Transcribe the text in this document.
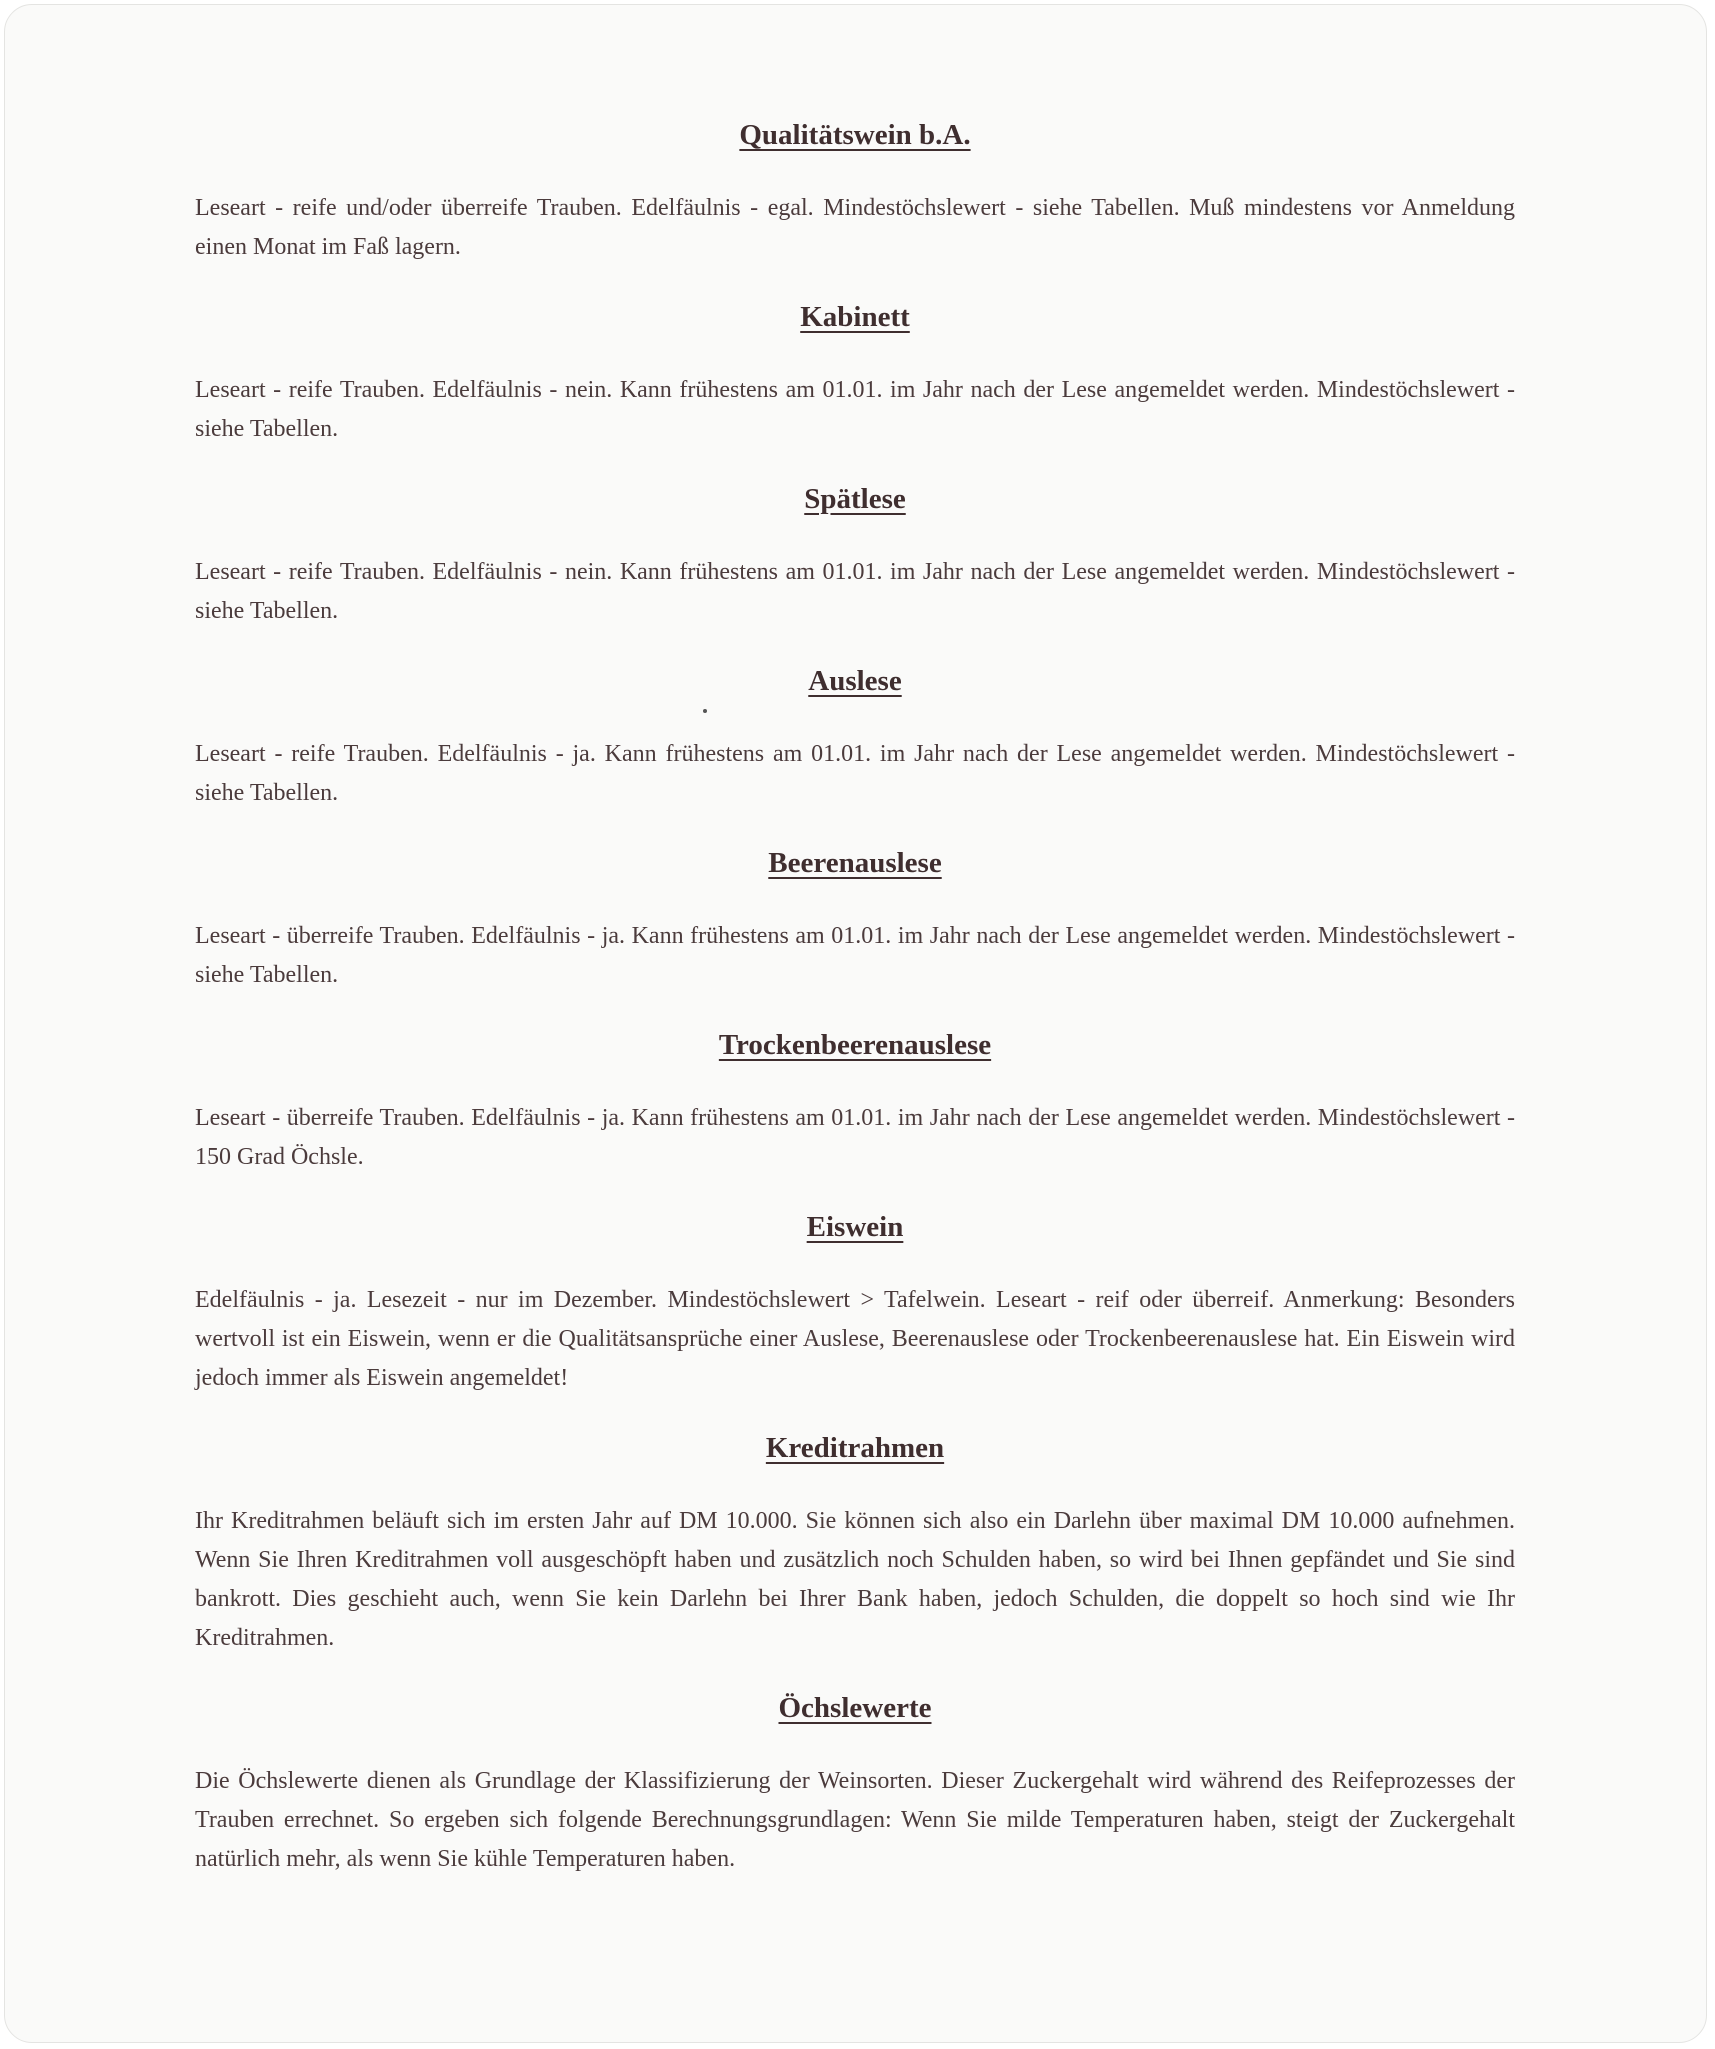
Qualitätswein b.A.

Leseart - reife und/oder überreife Trauben. Edelfäulnis - egal. Mindestöchslewert - siehe Tabellen. Muß mindestens vor Anmeldung einen Monat im Faß lagern.

Kabinett

Leseart - reife Trauben. Edelfäulnis - nein. Kann frühestens am 01.01. im Jahr nach der Lese angemeldet werden. Mindestöchslewert - siehe Tabellen.

Spätlese

Leseart - reife Trauben. Edelfäulnis - nein. Kann frühestens am 01.01. im Jahr nach der Lese angemeldet werden. Mindestöchslewert - siehe Tabellen.

Auslese

Leseart - reife Trauben. Edelfäulnis - ja. Kann frühestens am 01.01. im Jahr nach der Lese angemeldet werden. Mindestöchslewert - siehe Tabellen.

Beerenauslese

Leseart - überreife Trauben. Edelfäulnis - ja. Kann frühestens am 01.01. im Jahr nach der Lese angemeldet werden. Mindestöchslewert - siehe Tabellen.

Trockenbeerenauslese

Leseart - überreife Trauben. Edelfäulnis - ja. Kann frühestens am 01.01. im Jahr nach der Lese angemeldet werden. Mindestöchslewert - 150 Grad Öchsle.

Eiswein

Edelfäulnis - ja. Lesezeit - nur im Dezember. Mindestöchslewert > Tafelwein. Leseart - reif oder überreif. Anmerkung: Besonders wertvoll ist ein Eiswein, wenn er die Qualitätsansprüche einer Auslese, Beerenauslese oder Trockenbeerenauslese hat. Ein Eiswein wird jedoch immer als Eiswein angemeldet!

Kreditrahmen

Ihr Kreditrahmen beläuft sich im ersten Jahr auf DM 10.000. Sie können sich also ein Darlehn über maximal DM 10.000 aufnehmen. Wenn Sie Ihren Kreditrahmen voll ausgeschöpft haben und zusätzlich noch Schulden haben, so wird bei Ihnen gepfändet und Sie sind bankrott. Dies geschieht auch, wenn Sie kein Darlehn bei Ihrer Bank haben, jedoch Schulden, die doppelt so hoch sind wie Ihr Kreditrahmen.

Öchslewerte

Die Öchslewerte dienen als Grundlage der Klassifizierung der Weinsorten. Dieser Zuckergehalt wird während des Reifeprozesses der Trauben errechnet. So ergeben sich folgende Berechnungsgrundlagen: Wenn Sie milde Temperaturen haben, steigt der Zuckergehalt natürlich mehr, als wenn Sie kühle Temperaturen haben.
